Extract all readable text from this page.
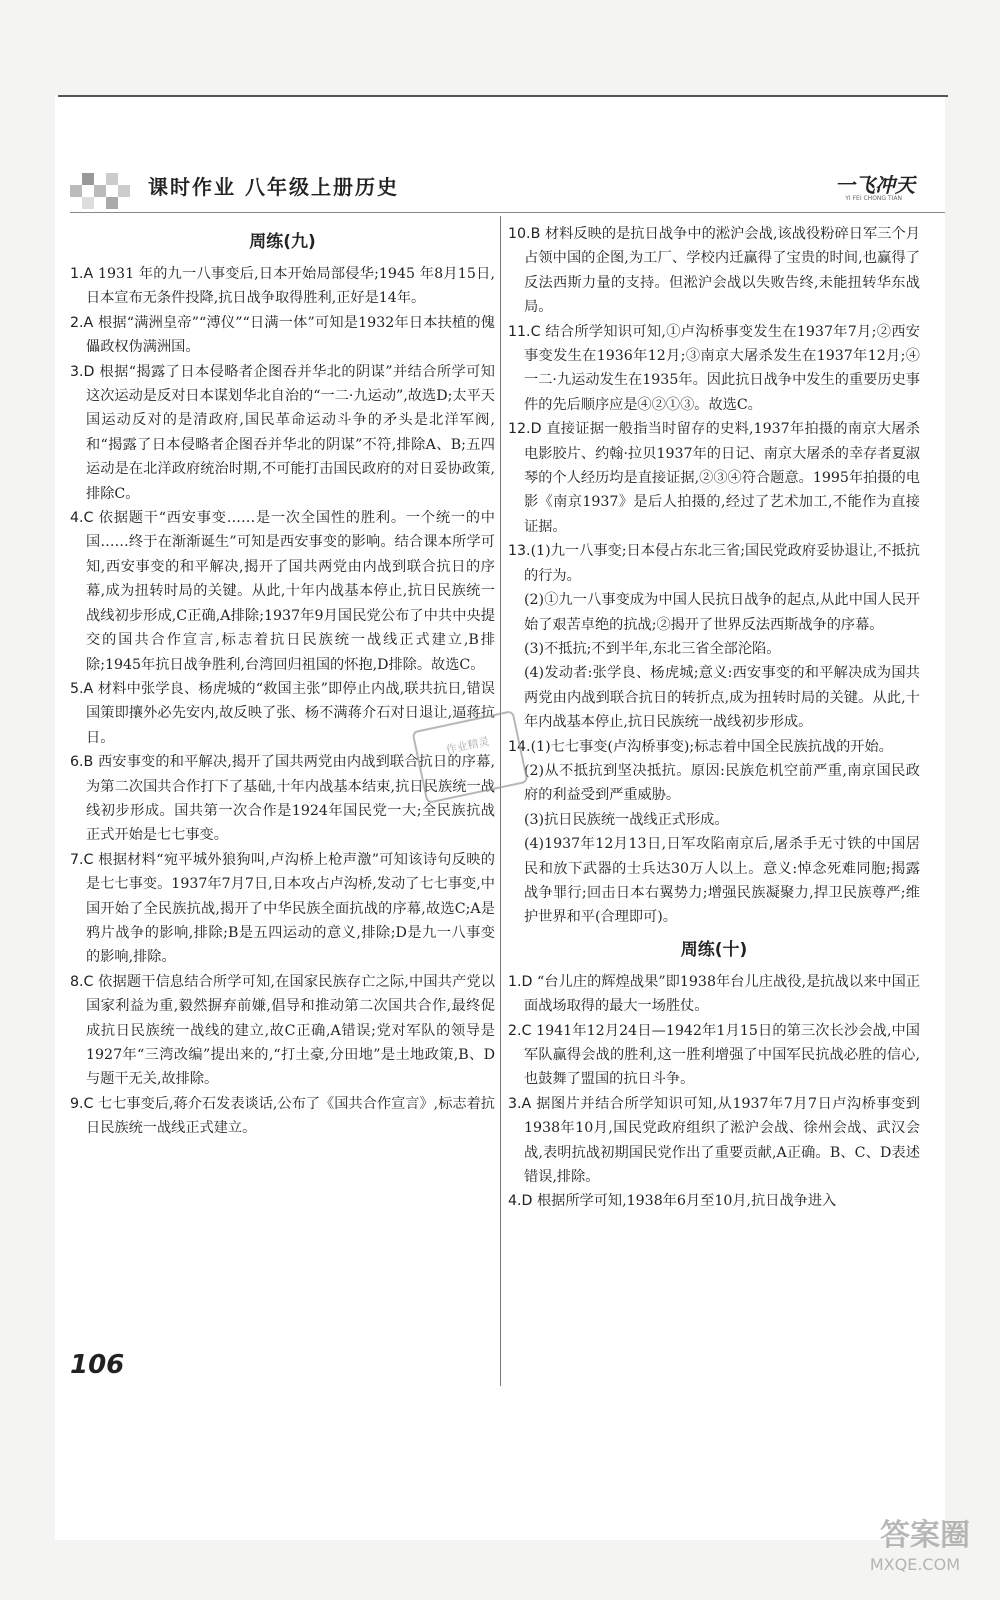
课时作业 八年级上册历史	一飞冲天
YI FEI CHONG TIAN
周练(九)
1.A 1931 年的九一八事变后,日本开始局部侵华;1945 年8月15日,日本宣布无条件投降,抗日战争取得胜利,正好是14年。
2.A 根据“满洲皇帝”“溥仪”“日满一体”可知是1932年日本扶植的傀儡政权伪满洲国。
3.D 根据“揭露了日本侵略者企图吞并华北的阴谋”并结合所学可知这次运动是反对日本谋划华北自治的“一二·九运动”,故选D;太平天国运动反对的是清政府,国民革命运动斗争的矛头是北洋军阀,和“揭露了日本侵略者企图吞并华北的阴谋”不符,排除A、B;五四运动是在北洋政府统治时期,不可能打击国民政府的对日妥协政策,排除C。
4.C 依据题干“西安事变……是一次全国性的胜利。一个统一的中国……终于在渐渐诞生”可知是西安事变的影响。结合课本所学可知,西安事变的和平解决,揭开了国共两党由内战到联合抗日的序幕,成为扭转时局的关键。从此,十年内战基本停止,抗日民族统一战线初步形成,C正确,A排除;1937年9月国民党公布了中共中央提交的国共合作宣言,标志着抗日民族统一战线正式建立,B排除;1945年抗日战争胜利,台湾回归祖国的怀抱,D排除。故选C。
5.A 材料中张学良、杨虎城的“救国主张”即停止内战,联共抗日,错误国策即攘外必先安内,故反映了张、杨不满蒋介石对日退让,逼蒋抗日。
6.B 西安事变的和平解决,揭开了国共两党由内战到联合抗日的序幕,为第二次国共合作打下了基础,十年内战基本结束,抗日民族统一战线初步形成。国共第一次合作是1924年国民党一大;全民族抗战正式开始是七七事变。
7.C 根据材料“宛平城外狼狗叫,卢沟桥上枪声激”可知该诗句反映的是七七事变。1937年7月7日,日本攻占卢沟桥,发动了七七事变,中国开始了全民族抗战,揭开了中华民族全面抗战的序幕,故选C;A是鸦片战争的影响,排除;B是五四运动的意义,排除;D是九一八事变的影响,排除。
8.C 依据题干信息结合所学可知,在国家民族存亡之际,中国共产党以国家利益为重,毅然摒弃前嫌,倡导和推动第二次国共合作,最终促成抗日民族统一战线的建立,故C正确,A错误;党对军队的领导是1927年“三湾改编”提出来的,“打土豪,分田地”是土地政策,B、D与题干无关,故排除。
9.C 七七事变后,蒋介石发表谈话,公布了《国共合作宣言》,标志着抗日民族统一战线正式建立。
10.B 材料反映的是抗日战争中的淞沪会战,该战役粉碎日军三个月占领中国的企图,为工厂、学校内迁赢得了宝贵的时间,也赢得了反法西斯力量的支持。但淞沪会战以失败告终,未能扭转华东战局。
11.C 结合所学知识可知,①卢沟桥事变发生在1937年7月;②西安事变发生在1936年12月;③南京大屠杀发生在1937年12月;④一二·九运动发生在1935年。因此抗日战争中发生的重要历史事件的先后顺序应是④②①③。故选C。
12.D 直接证据一般指当时留存的史料,1937年拍摄的南京大屠杀电影胶片、约翰·拉贝1937年的日记、南京大屠杀的幸存者夏淑琴的个人经历均是直接证据,②③④符合题意。1995年拍摄的电影《南京1937》是后人拍摄的,经过了艺术加工,不能作为直接证据。
13.(1)九一八事变;日本侵占东北三省;国民党政府妥协退让,不抵抗的行为。
(2)①九一八事变成为中国人民抗日战争的起点,从此中国人民开始了艰苦卓绝的抗战;②揭开了世界反法西斯战争的序幕。
(3)不抵抗;不到半年,东北三省全部沦陷。
(4)发动者:张学良、杨虎城;意义:西安事变的和平解决成为国共两党由内战到联合抗日的转折点,成为扭转时局的关键。从此,十年内战基本停止,抗日民族统一战线初步形成。
14.(1)七七事变(卢沟桥事变);标志着中国全民族抗战的开始。
(2)从不抵抗到坚决抵抗。原因:民族危机空前严重,南京国民政府的利益受到严重威胁。
(3)抗日民族统一战线正式形成。
(4)1937年12月13日,日军攻陷南京后,屠杀手无寸铁的中国居民和放下武器的士兵达30万人以上。意义:悼念死难同胞;揭露战争罪行;回击日本右翼势力;增强民族凝聚力,捍卫民族尊严;维护世界和平(合理即可)。
周练(十)
1.D “台儿庄的辉煌战果”即1938年台儿庄战役,是抗战以来中国正面战场取得的最大一场胜仗。
2.C 1941年12月24日—1942年1月15日的第三次长沙会战,中国军队赢得会战的胜利,这一胜利增强了中国军民抗战必胜的信心,也鼓舞了盟国的抗日斗争。
3.A 据图片并结合所学知识可知,从1937年7月7日卢沟桥事变到1938年10月,国民党政府组织了淞沪会战、徐州会战、武汉会战,表明抗战初期国民党作出了重要贡献,A正确。B、C、D表述错误,排除。
4.D 根据所学可知,1938年6月至10月,抗日战争进入
106

作业精灵
答案圈
MXQE.COM
